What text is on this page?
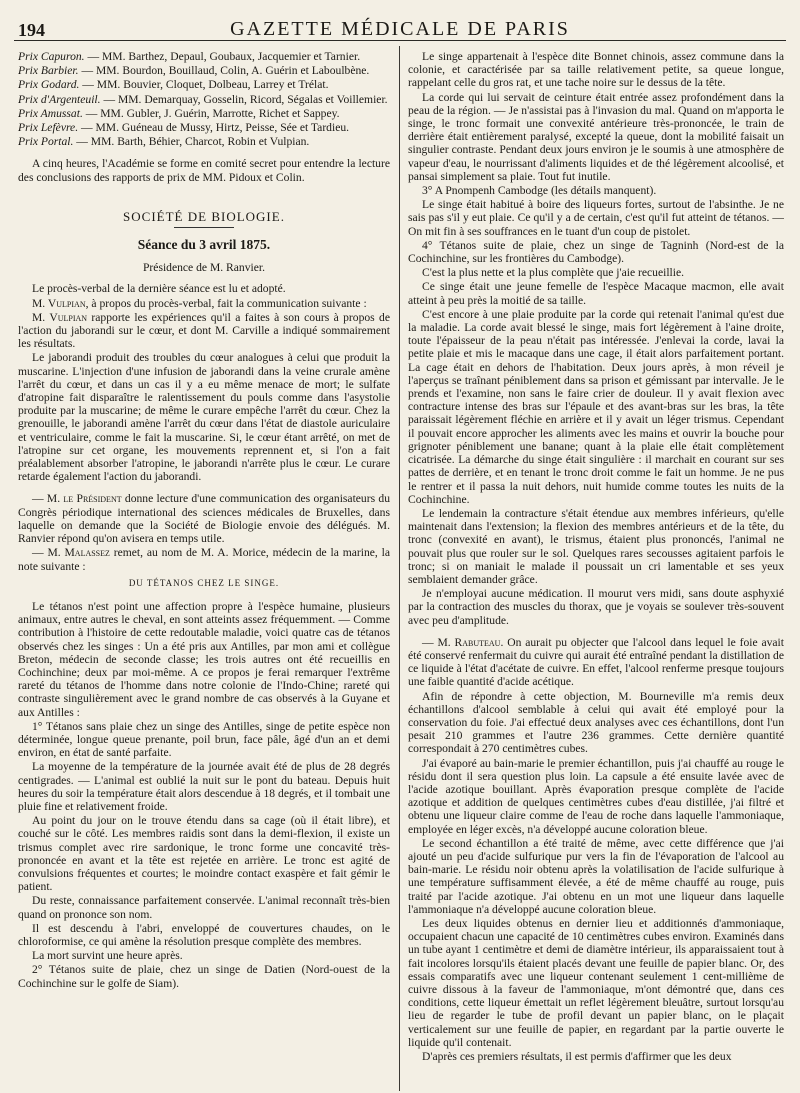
194	GAZETTE MÉDICALE DE PARIS

Prix Capuron. — MM. Barthez, Depaul, Goubaux, Jacquemier et Tarnier.

Prix Barbier. — MM. Bourdon, Bouillaud, Colin, A. Guérin et Laboulbène.

Prix Godard. — MM. Bouvier, Cloquet, Dolbeau, Larrey et Trélat.

Prix d'Argenteuil. — MM. Demarquay, Gosselin, Ricord, Ségalas et Voillemier.

Prix Amussat. — MM. Gubler, J. Guérin, Marrotte, Richet et Sappey.

Prix Lefèvre. — MM. Guéneau de Mussy, Hirtz, Peisse, Sée et Tardieu.

Prix Portal. — MM. Barth, Béhier, Charcot, Robin et Vulpian.

A cinq heures, l'Académie se forme en comité secret pour entendre la lecture des conclusions des rapports de prix de MM. Pidoux et Colin.

SOCIÉTÉ DE BIOLOGIE.
Séance du 3 avril 1875.
Présidence de M. Ranvier.

Le procès-verbal de la dernière séance est lu et adopté.

M. Vulpian, à propos du procès-verbal, fait la communication suivante :

M. Vulpian rapporte les expériences qu'il a faites à son cours à propos de l'action du jaborandi sur le cœur, et dont M. Carville a indiqué sommairement les résultats.

Le jaborandi produit des troubles du cœur analogues à celui que produit la muscarine. L'injection d'une infusion de jaborandi dans la veine crurale amène l'arrêt du cœur, et dans un cas il y a eu même menace de mort; le sulfate d'atropine fait disparaître le ralentissement du pouls comme dans l'asystolie produite par la muscarine; de même le curare empêche l'arrêt du cœur. Chez la grenouille, le jaborandi amène l'arrêt du cœur dans l'état de diastole auriculaire et ventriculaire, comme le fait la muscarine. Si, le cœur étant arrêté, on met de l'atropine sur cet organe, les mouvements reprennent et, si l'on a fait préalablement absorber l'atropine, le jaborandi n'arrête plus le cœur. Le curare retarde également l'action du jaborandi.

— M. le Président donne lecture d'une communication des organisateurs du Congrès périodique international des sciences médicales de Bruxelles, dans laquelle on demande que la Société de Biologie envoie des délégués. M. Ranvier répond qu'on avisera en temps utile.

— M. Malassez remet, au nom de M. A. Morice, médecin de la marine, la note suivante :

DU TÉTANOS CHEZ LE SINGE.

Le tétanos n'est point une affection propre à l'espèce humaine, plusieurs animaux, entre autres le cheval, en sont atteints assez fréquemment. — Comme contribution à l'histoire de cette redoutable maladie, voici quatre cas de tétanos observés chez les singes : Un a été pris aux Antilles, par mon ami et collègue Breton, médecin de seconde classe; les trois autres ont été recueillis en Cochinchine; deux par moi-même. A ce propos je ferai remarquer l'extrême rareté du tétanos de l'homme dans notre colonie de l'Indo-Chine; rareté qui contraste singulièrement avec le grand nombre de cas observés à la Guyane et aux Antilles :

1° Tétanos sans plaie chez un singe des Antilles, singe de petite espèce non déterminée, longue queue prenante, poil brun, face pâle, âgé d'un an et demi environ, en état de santé parfaite.

La moyenne de la température de la journée avait été de plus de 28 degrés centigrades. — L'animal est oublié la nuit sur le pont du bateau. Depuis huit heures du soir la température était alors descendue à 18 degrés, et il tombait une pluie fine et relativement froide.

Au point du jour on le trouve étendu dans sa cage (où il était libre), et couché sur le côté. Les membres raidis sont dans la demi-flexion, il existe un trismus complet avec rire sardonique, le tronc forme une concavité très-prononcée en avant et la tête est rejetée en arrière. Le tronc est agité de convulsions fréquentes et courtes; le moindre contact exaspère et fait gémir le patient.

Du reste, connaissance parfaitement conservée. L'animal reconnaît très-bien quand on prononce son nom.

Il est descendu à l'abri, enveloppé de couvertures chaudes, on le chloroformise, ce qui amène la résolution presque complète des membres.

La mort survint une heure après.

2° Tétanos suite de plaie, chez un singe de Datien (Nord-ouest de la Cochinchine sur le golfe de Siam).

Le singe appartenait à l'espèce dite Bonnet chinois, assez commune dans la colonie, et caractérisée par sa taille relativement petite, sa queue longue, rappelant celle du gros rat, et une tache noire sur le dessus de la tête.

La corde qui lui servait de ceinture était entrée assez profondément dans la peau de la région. — Je n'assistai pas à l'invasion du mal. Quand on m'apporta le singe, le tronc formait une convexité antérieure très-prononcée, le train de derrière était entièrement paralysé, excepté la queue, dont la mobilité faisait un singulier contraste. Pendant deux jours environ je le soumis à une atmosphère de vapeur d'eau, le nourrissant d'aliments liquides et de thé légèrement alcoolisé, et pansai simplement sa plaie. Tout fut inutile.

3° A Pnompenh Cambodge (les détails manquent).

Le singe était habitué à boire des liqueurs fortes, surtout de l'absinthe. Je ne sais pas s'il y eut plaie. Ce qu'il y a de certain, c'est qu'il fut atteint de tétanos. — On mit fin à ses souffrances en le tuant d'un coup de pistolet.

4° Tétanos suite de plaie, chez un singe de Tagninh (Nord-est de la Cochinchine, sur les frontières du Cambodge).

C'est la plus nette et la plus complète que j'aie recueillie.

Ce singe était une jeune femelle de l'espèce Macaque macmon, elle avait atteint à peu près la moitié de sa taille.

C'est encore à une plaie produite par la corde qui retenait l'animal qu'est due la maladie. La corde avait blessé le singe, mais fort légèrement à l'aine droite, toute l'épaisseur de la peau n'était pas intéressée. J'enlevai la corde, lavai la petite plaie et mis le macaque dans une cage, il était alors parfaitement portant. La cage était en dehors de l'habitation. Deux jours après, à mon réveil je l'aperçus se traînant péniblement dans sa prison et gémissant par intervalle. Je le prends et l'examine, non sans le faire crier de douleur. Il y avait flexion avec contracture intense des bras sur l'épaule et des avant-bras sur les bras, la tête paraissait légèrement fléchie en arrière et il y avait un léger trismus. Cependant il pouvait encore approcher les aliments avec les mains et ouvrir la bouche pour grignoter péniblement une banane; quant à la plaie elle était complètement cicatrisée. La démarche du singe était singulière : il marchait en courant sur ses pattes de derrière, et en tenant le tronc droit comme le fait un homme. Je ne pus le rentrer et il passa la nuit dehors, nuit humide comme toutes les nuits de la Cochinchine.

Le lendemain la contracture s'était étendue aux membres inférieurs, qu'elle maintenait dans l'extension; la flexion des membres antérieurs et de la tête, du tronc (convexité en avant), le trismus, étaient plus prononcés, l'animal ne pouvait plus que rouler sur le sol. Quelques rares secousses agitaient parfois le tronc; si on maniait le malade il poussait un cri lamentable et ses yeux semblaient demander grâce.

Je n'employai aucune médication. Il mourut vers midi, sans doute asphyxié par la contraction des muscles du thorax, que je voyais se soulever très-souvent avec peu d'amplitude.

— M. Rabuteau. On aurait pu objecter que l'alcool dans lequel le foie avait été conservé renfermait du cuivre qui aurait été entraîné pendant la distillation de ce liquide à l'état d'acétate de cuivre. En effet, l'alcool renferme presque toujours une faible quantité d'acide acétique.

Afin de répondre à cette objection, M. Bourneville m'a remis deux échantillons d'alcool semblable à celui qui avait été employé pour la conservation du foie. J'ai effectué deux analyses avec ces échantillons, dont l'un pesait 210 grammes et l'autre 236 grammes. Cette dernière quantité correspondait à 270 centimètres cubes.

J'ai évaporé au bain-marie le premier échantillon, puis j'ai chauffé au rouge le résidu dont il sera question plus loin. La capsule a été ensuite lavée avec de l'acide azotique bouillant. Après évaporation presque complète de l'acide azotique et addition de quelques centimètres cubes d'eau distillée, j'ai filtré et obtenu une liqueur claire comme de l'eau de roche dans laquelle l'ammoniaque, employée en léger excès, n'a développé aucune coloration bleue.

Le second échantillon a été traité de même, avec cette différence que j'ai ajouté un peu d'acide sulfurique pur vers la fin de l'évaporation de l'alcool au bain-marie. Le résidu noir obtenu après la volatilisation de l'acide sulfurique à une température suffisamment élevée, a été de même chauffé au rouge, puis traité par l'acide azotique. J'ai obtenu en un mot une liqueur dans laquelle l'ammoniaque n'a développé aucune coloration bleue.

Les deux liquides obtenus en dernier lieu et additionnés d'ammoniaque, occupaient chacun une capacité de 10 centimètres cubes environ. Examinés dans un tube ayant 1 centimètre et demi de diamètre intérieur, ils apparaissaient tout à fait incolores lorsqu'ils étaient placés devant une feuille de papier blanc. Or, des essais comparatifs avec une liqueur contenant seulement 1 cent-millième de cuivre dissous à la faveur de l'ammoniaque, m'ont démontré que, dans ces conditions, cette liqueur émettait un reflet légèrement bleuâtre, surtout lorsqu'au lieu de regarder le tube de profil devant un papier blanc, on le plaçait verticalement sur une feuille de papier, en regardant par la partie ouverte le liquide qu'il contenait.

D'après ces premiers résultats, il est permis d'affirmer que les deux
